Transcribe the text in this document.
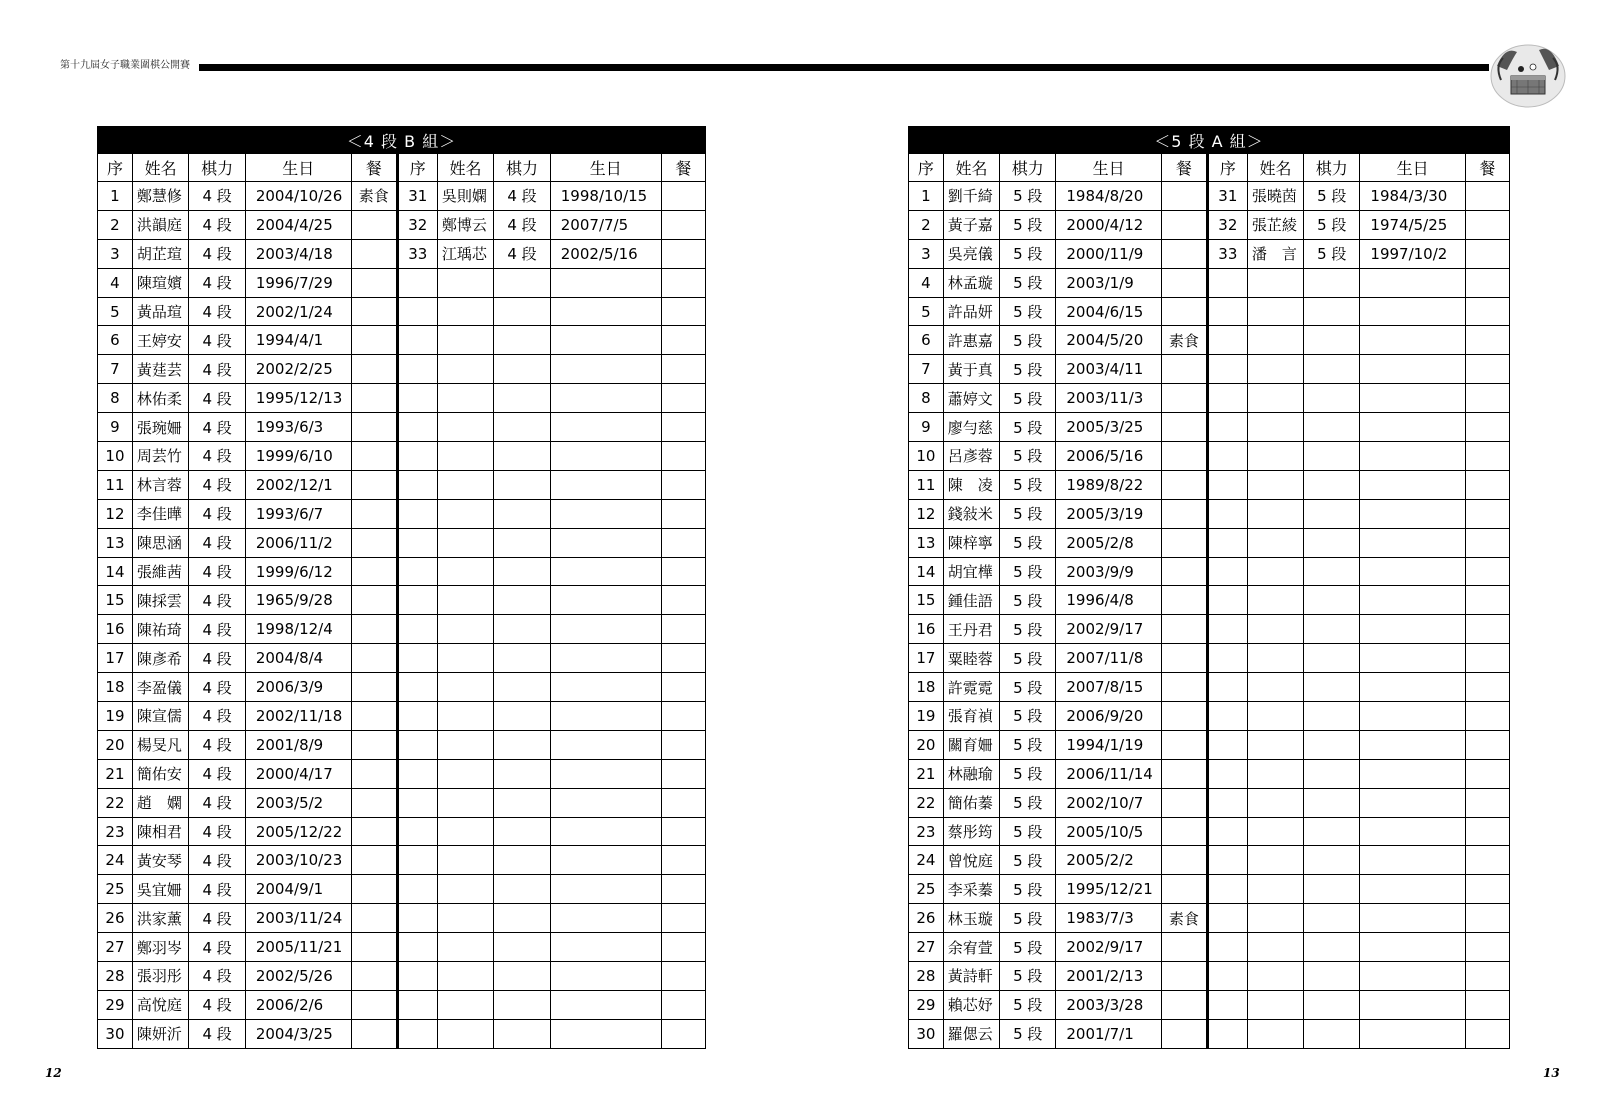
第十九屆女子職業圍棋公開賽
＜4 段 B 組＞									
序	姓名	棋力	生日	餐	序	姓名	棋力	生日	餐
1	鄭慧修	4 段	2004/10/26	素食	31	吳則嫻	4 段	1998/10/15	
2	洪韻庭	4 段	2004/4/25		32	鄭博云	4 段	2007/7/5	
3	胡芷瑄	4 段	2003/4/18		33	江瑀芯	4 段	2002/5/16	
4	陳瑄嬪	4 段	1996/7/29						
5	黃品瑄	4 段	2002/1/24						
6	王婷安	4 段	1994/4/1						
7	黃莛芸	4 段	2002/2/25						
8	林佑柔	4 段	1995/12/13						
9	張琬姍	4 段	1993/6/3						
10	周芸竹	4 段	1999/6/10						
11	林言蓉	4 段	2002/12/1						
12	李佳曄	4 段	1993/6/7						
13	陳思涵	4 段	2006/11/2						
14	張維茜	4 段	1999/6/12						
15	陳採雲	4 段	1965/9/28						
16	陳祐琦	4 段	1998/12/4						
17	陳彥希	4 段	2004/8/4						
18	李盈儀	4 段	2006/3/9						
19	陳宣儒	4 段	2002/11/18						
20	楊旻凡	4 段	2001/8/9						
21	簡佑安	4 段	2000/4/17						
22	趙　嫻	4 段	2003/5/2						
23	陳相君	4 段	2005/12/22						
24	黃安琴	4 段	2003/10/23						
25	吳宜姍	4 段	2004/9/1						
26	洪家薰	4 段	2003/11/24						
27	鄭羽岑	4 段	2005/11/21						
28	張羽彤	4 段	2002/5/26						
29	高悅庭	4 段	2006/2/6						
30	陳妍沂	4 段	2004/3/25						
＜5 段 A 組＞									
序	姓名	棋力	生日	餐	序	姓名	棋力	生日	餐
1	劉千綺	5 段	1984/8/20		31	張曉茵	5 段	1984/3/30	
2	黃子嘉	5 段	2000/4/12		32	張芷綾	5 段	1974/5/25	
3	吳亮儀	5 段	2000/11/9		33	潘　言	5 段	1997/10/2	
4	林孟璇	5 段	2003/1/9						
5	許品妍	5 段	2004/6/15						
6	許惠嘉	5 段	2004/5/20	素食					
7	黃于真	5 段	2003/4/11						
8	蕭婷文	5 段	2003/11/3						
9	廖勻慈	5 段	2005/3/25						
10	呂彥蓉	5 段	2006/5/16						
11	陳　凌	5 段	1989/8/22						
12	錢敍米	5 段	2005/3/19						
13	陳梓寧	5 段	2005/2/8						
14	胡宜樺	5 段	2003/9/9						
15	鍾佳語	5 段	1996/4/8						
16	王丹君	5 段	2002/9/17						
17	粟睦蓉	5 段	2007/11/8						
18	許霓霓	5 段	2007/8/15						
19	張育禎	5 段	2006/9/20						
20	關育姍	5 段	1994/1/19						
21	林融瑜	5 段	2006/11/14						
22	簡佑蓁	5 段	2002/10/7						
23	蔡彤筠	5 段	2005/10/5						
24	曾悅庭	5 段	2005/2/2						
25	李采蓁	5 段	1995/12/21						
26	林玉璇	5 段	1983/7/3	素食					
27	余宥萱	5 段	2002/9/17						
28	黃詩軒	5 段	2001/2/13						
29	賴芯妤	5 段	2003/3/28						
30	羅偲云	5 段	2001/7/1						
12	13
